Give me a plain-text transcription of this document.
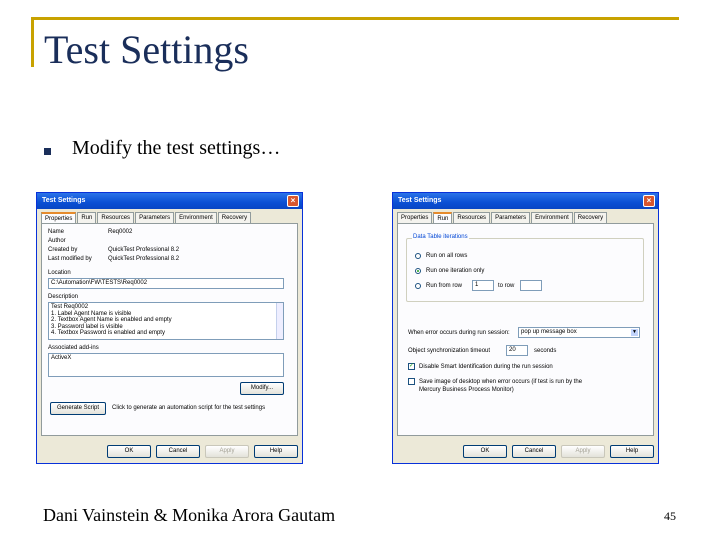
Test Settings
Modify the test settings…
Test Settings	×
Properties	Run	Resources	Parameters	Environment	Recovery
Name	Req0002
Author
Created by	QuickTest Professional 8.2
Last modified by	QuickTest Professional 8.2
Location
C:\Automation\FW\TESTS\Req0002
Description
Test Req0002
1. Label Agent Name is visible
2. Textbox Agent Name is enabled and empty
3. Password label is visible
4. Textbox Password is enabled and empty
Associated add-ins
ActiveX
Modify...
Generate Script	Click to generate an automation script for the test settings
OK	Cancel	Apply	Help
Test Settings	×
Properties	Run	Resources	Parameters	Environment	Recovery
Data Table iterations
Run on all rows
Run one iteration only
Run from row	1	to row
When error occurs during run session:	pop up message box	▼
Object synchronization timeout	20	seconds
✓ Disable Smart Identification during the run session
Save image of desktop when error occurs (if test is run by the
Mercury Business Process Monitor)
OK	Cancel	Apply	Help
Dani Vainstein & Monika Arora Gautam	45
